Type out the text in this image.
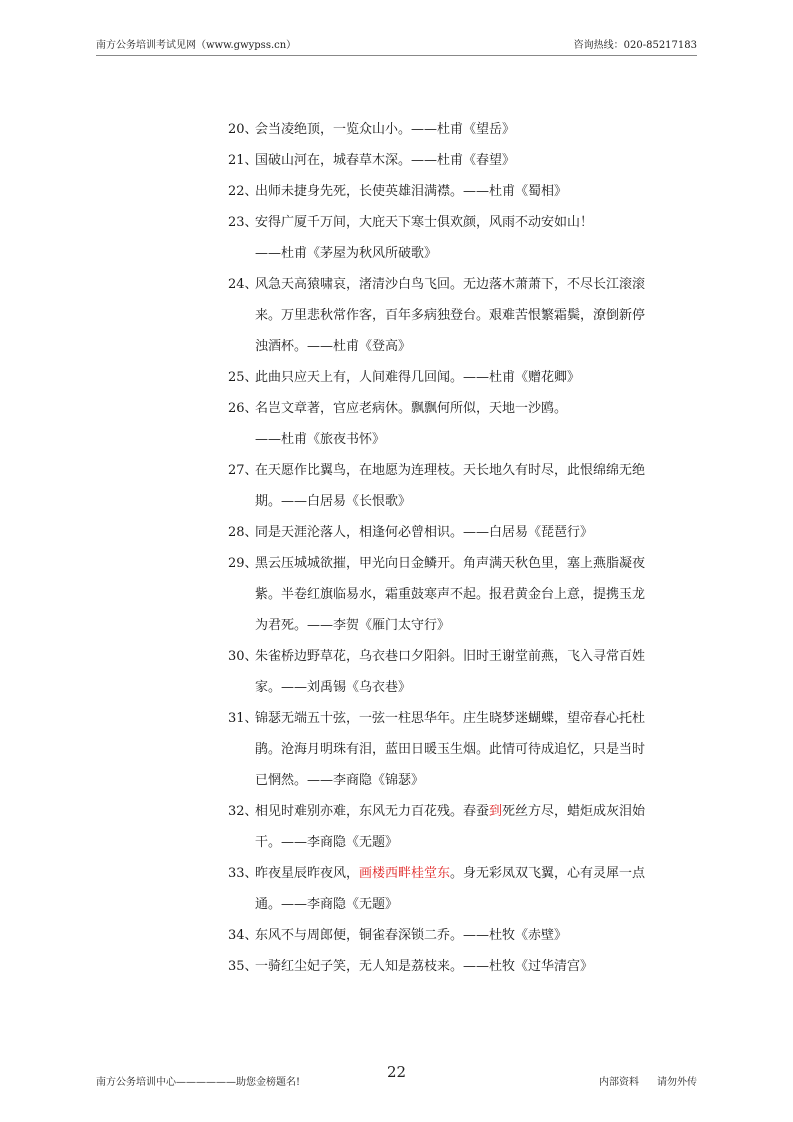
南方公务培训考试见网（www.gwypss.cn）	咨询热线：020-85217183
20、
会当凌绝顶，一览众山小。——杜甫《望岳》
21、
国破山河在，城春草木深。——杜甫《春望》
22、
出师未捷身先死，长使英雄泪满襟。——杜甫《蜀相》
23、
安得广厦千万间，大庇天下寒士俱欢颜，风雨不动安如山！
——杜甫《茅屋为秋风所破歌》
24、
风急天高猿啸哀，渚清沙白鸟飞回。无边落木萧萧下，不尽长江滚滚
来。万里悲秋常作客，百年多病独登台。艰难苦恨繁霜鬓，潦倒新停
浊酒杯。——杜甫《登高》
25、
此曲只应天上有，人间难得几回闻。——杜甫《赠花卿》
26、
名岂文章著，官应老病休。飘飘何所似，天地一沙鸥。
——杜甫《旅夜书怀》
27、
在天愿作比翼鸟，在地愿为连理枝。天长地久有时尽，此恨绵绵无绝
期。——白居易《长恨歌》
28、
同是天涯沦落人，相逢何必曾相识。——白居易《琵琶行》
29、
黑云压城城欲摧，甲光向日金鳞开。角声满天秋色里，塞上燕脂凝夜
紫。半卷红旗临易水，霜重鼓寒声不起。报君黄金台上意，提携玉龙
为君死。——李贺《雁门太守行》
30、
朱雀桥边野草花，乌衣巷口夕阳斜。旧时王谢堂前燕，飞入寻常百姓
家。——刘禹锡《乌衣巷》
31、
锦瑟无端五十弦，一弦一柱思华年。庄生晓梦迷蝴蝶，望帝春心托杜
鹃。沧海月明珠有泪，蓝田日暖玉生烟。此情可待成追忆，只是当时
已惘然。——李商隐《锦瑟》
32、
相见时难别亦难，东风无力百花残。春蚕到死丝方尽，蜡炬成灰泪始
干。——李商隐《无题》
33、
昨夜星辰昨夜风，画楼西畔桂堂东。身无彩凤双飞翼，心有灵犀一点
通。——李商隐《无题》
34、
东风不与周郎便，铜雀春深锁二乔。——杜牧《赤壁》
35、
一骑红尘妃子笑，无人知是荔枝来。——杜牧《过华清宫》
南方公务培训中心——————助您金榜题名!
22
内部资料 请勿外传
